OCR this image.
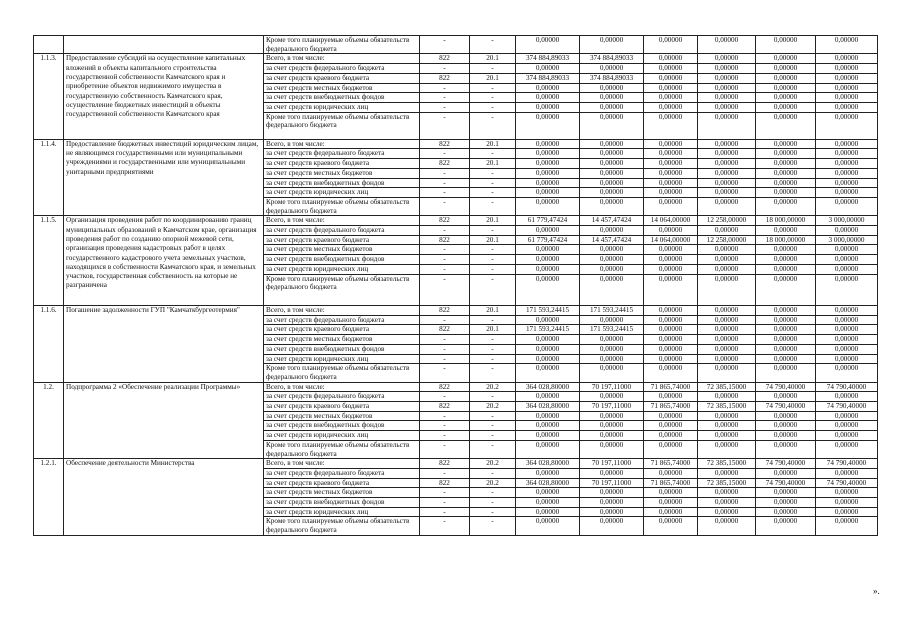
		Кроме того планируемые объемы обязательств федерального бюджета	-	-	0,00000	0,00000	0,00000	0,00000	0,00000	0,00000
1.1.3.	Предоставление субсидий на осуществление капитальных вложений в объекты капитального строительства государственной собственности Камчатского края и приобретение объектов недвижимого имущества в государственную собственность Камчатского края, осуществление бюджетных инвестиций в объекты государственной собственности Камчатского края	Всего, в том числе:	822	20.1	374 884,89033	374 884,89033	0,00000	0,00000	0,00000	0,00000
		за счет средств федерального бюджета	-	-	0,00000	0,00000	0,00000	0,00000	0,00000	0,00000
		за счет средств краевого бюджета	822	20.1	374 884,89033	374 884,89033	0,00000	0,00000	0,00000	0,00000
		за счет средств местных бюджетов	-	-	0,00000	0,00000	0,00000	0,00000	0,00000	0,00000
		за счет средств внебюджетных фондов	-	-	0,00000	0,00000	0,00000	0,00000	0,00000	0,00000
		за счет средств юридических лиц	-	-	0,00000	0,00000	0,00000	0,00000	0,00000	0,00000
		Кроме того планируемые объемы обязательств федерального бюджета	-	-	0,00000	0,00000	0,00000	0,00000	0,00000	0,00000
1.1.4.	Предоставление бюджетных инвестиций юридическим лицам, не являющимся государственными или муниципальными учреждениями и государственными или муниципальными унитарными предприятиями	Всего, в том числе:	822	20.1	0,00000	0,00000	0,00000	0,00000	0,00000	0,00000
		за счет средств федерального бюджета	-	-	0,00000	0,00000	0,00000	0,00000	0,00000	0,00000
		за счет средств краевого бюджета	822	20.1	0,00000	0,00000	0,00000	0,00000	0,00000	0,00000
		за счет средств местных бюджетов	-	-	0,00000	0,00000	0,00000	0,00000	0,00000	0,00000
		за счет средств внебюджетных фондов	-	-	0,00000	0,00000	0,00000	0,00000	0,00000	0,00000
		за счет средств юридических лиц	-	-	0,00000	0,00000	0,00000	0,00000	0,00000	0,00000
		Кроме того планируемые объемы обязательств федерального бюджета	-	-	0,00000	0,00000	0,00000	0,00000	0,00000	0,00000
1.1.5.	Организация проведения работ по координированию границ муниципальных образований в Камчатском крае, организация проведения работ по созданию опорной межевой сети, организация проведения кадастровых работ в целях государственного кадастрового учета земельных участков, находящихся в собственности Камчатского края, и земельных участков, государственная собственность на которые не разграничена	Всего, в том числе:	822	20.1	61 779,47424	14 457,47424	14 064,00000	12 258,00000	18 000,00000	3 000,00000
		за счет средств федерального бюджета	-	-	0,00000	0,00000	0,00000	0,00000	0,00000	0,00000
		за счет средств краевого бюджета	822	20.1	61 779,47424	14 457,47424	14 064,00000	12 258,00000	18 000,00000	3 000,00000
		за счет средств местных бюджетов	-	-	0,00000	0,00000	0,00000	0,00000	0,00000	0,00000
		за счет средств внебюджетных фондов	-	-	0,00000	0,00000	0,00000	0,00000	0,00000	0,00000
		за счет средств юридических лиц	-	-	0,00000	0,00000	0,00000	0,00000	0,00000	0,00000
		Кроме того планируемые объемы обязательств федерального бюджета	-	-	0,00000	0,00000	0,00000	0,00000	0,00000	0,00000
1.1.6.	Погашение задолженности ГУП "Камчаткбургеотермия"	Всего, в том числе:	822	20.1	171 593,24415	171 593,24415	0,00000	0,00000	0,00000	0,00000
		за счет средств федерального бюджета	-	-	0,00000	0,00000	0,00000	0,00000	0,00000	0,00000
		за счет средств краевого бюджета	822	20.1	171 593,24415	171 593,24415	0,00000	0,00000	0,00000	0,00000
		за счет средств местных бюджетов	-	-	0,00000	0,00000	0,00000	0,00000	0,00000	0,00000
		за счет средств внебюджетных фондов	-	-	0,00000	0,00000	0,00000	0,00000	0,00000	0,00000
		за счет средств юридических лиц	-	-	0,00000	0,00000	0,00000	0,00000	0,00000	0,00000
		Кроме того планируемые объемы обязательств федерального бюджета	-	-	0,00000	0,00000	0,00000	0,00000	0,00000	0,00000
1.2.	Подпрограмма 2 «Обеспечение реализации Программы»	Всего, в том числе:	822	20.2	364 028,80000	70 197,11000	71 865,74000	72 385,15000	74 790,40000	74 790,40000
		за счет средств федерального бюджета	-	-	0,00000	0,00000	0,00000	0,00000	0,00000	0,00000
		за счет средств краевого бюджета	822	20.2	364 028,80000	70 197,11000	71 865,74000	72 385,15000	74 790,40000	74 790,40000
		за счет средств местных бюджетов	-	-	0,00000	0,00000	0,00000	0,00000	0,00000	0,00000
		за счет средств внебюджетных фондов	-	-	0,00000	0,00000	0,00000	0,00000	0,00000	0,00000
		за счет средств юридических лиц	-	-	0,00000	0,00000	0,00000	0,00000	0,00000	0,00000
		Кроме того планируемые объемы обязательств федерального бюджета	-	-	0,00000	0,00000	0,00000	0,00000	0,00000	0,00000
1.2.1.	Обеспечение деятельности Министерства	Всего, в том числе:	822	20.2	364 028,80000	70 197,11000	71 865,74000	72 385,15000	74 790,40000	74 790,40000
		за счет средств федерального бюджета	-	-	0,00000	0,00000	0,00000	0,00000	0,00000	0,00000
		за счет средств краевого бюджета	822	20.2	364 028,80000	70 197,11000	71 865,74000	72 385,15000	74 790,40000	74 790,40000
		за счет средств местных бюджетов	-	-	0,00000	0,00000	0,00000	0,00000	0,00000	0,00000
		за счет средств внебюджетных фондов	-	-	0,00000	0,00000	0,00000	0,00000	0,00000	0,00000
		за счет средств юридических лиц	-	-	0,00000	0,00000	0,00000	0,00000	0,00000	0,00000
		Кроме того планируемые объемы обязательств федерального бюджета	-	-	0,00000	0,00000	0,00000	0,00000	0,00000	0,00000
».
